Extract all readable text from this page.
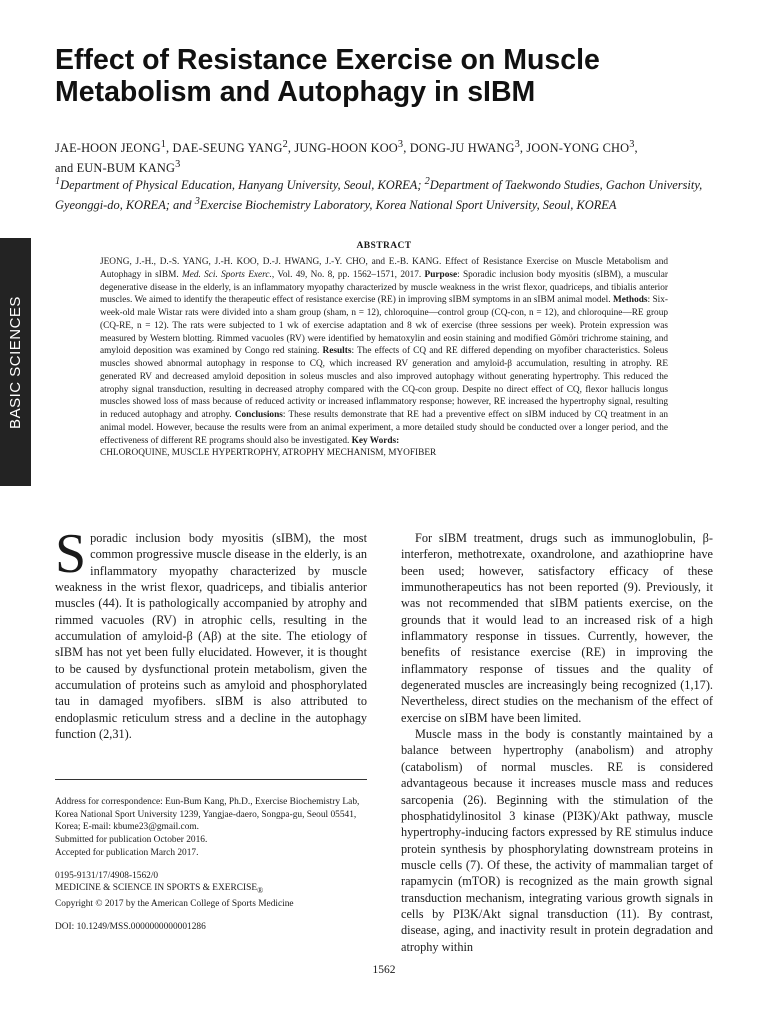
Effect of Resistance Exercise on Muscle
Metabolism and Autophagy in sIBM
JAE-HOON JEONG$^1$, DAE-SEUNG YANG$^2$, JUNG-HOON KOO$^3$, DONG-JU HWANG$^3$, JOON-YONG CHO$^3$,
and EUN-BUM KANG$^3$
$^1$Department of Physical Education, Hanyang University, Seoul, KOREA; $^2$Department of Taekwondo Studies, Gachon University, Gyeonggi-do, KOREA; and $^3$Exercise Biochemistry Laboratory, Korea National Sport University, Seoul, KOREA
BASIC SCIENCES
ABSTRACT
JEONG, J.-H., D.-S. YANG, J.-H. KOO, D.-J. HWANG, J.-Y. CHO, and E.-B. KANG. Effect of Resistance Exercise on Muscle Metabolism and Autophagy in sIBM. Med. Sci. Sports Exerc., Vol. 49, No. 8, pp. 1562–1571, 2017. Purpose: Sporadic inclusion body myositis (sIBM), a muscular degenerative disease in the elderly, is an inflammatory myopathy characterized by muscle weakness in the wrist flexor, quadriceps, and tibialis anterior muscles. We aimed to identify the therapeutic effect of resistance exercise (RE) in improving sIBM symptoms in an sIBM animal model. Methods: Six-week-old male Wistar rats were divided into a sham group (sham, n = 12), chloroquine—control group (CQ-con, n = 12), and chloroquine—RE group (CQ-RE, n = 12). The rats were subjected to 1 wk of exercise adaptation and 8 wk of exercise (three sessions per week). Protein expression was measured by Western blotting. Rimmed vacuoles (RV) were identified by hematoxylin and eosin staining and modified Gömöri trichrome staining, and amyloid deposition was examined by Congo red staining. Results: The effects of CQ and RE differed depending on myofiber characteristics. Soleus muscles showed abnormal autophagy in response to CQ, which increased RV generation and amyloid-β accumulation, resulting in atrophy. RE generated RV and decreased amyloid deposition in soleus muscles and also improved autophagy without generating hypertrophy. This reduced the atrophy signal transduction, resulting in decreased atrophy compared with the CQ-con group. Despite no direct effect of CQ, flexor hallucis longus muscles showed loss of mass because of reduced activity or increased inflammatory response; however, RE increased the hypertrophy signal, resulting in reduced autophagy and atrophy. Conclusions: These results demonstrate that RE had a preventive effect on sIBM induced by CQ treatment in an animal model. However, because the results were from an animal experiment, a more detailed study should be conducted over a longer period, and the effectiveness of different RE programs should also be investigated. Key Words:
CHLOROQUINE, MUSCLE HYPERTROPHY, ATROPHY MECHANISM, MYOFIBER

Sporadic inclusion body myositis (sIBM), the most common progressive muscle disease in the elderly, is an inflammatory myopathy characterized by muscle weakness in the wrist flexor, quadriceps, and tibialis anterior muscles (44). It is pathologically accompanied by atrophy and rimmed vacuoles (RV) in atrophic cells, resulting in the accumulation of amyloid-β (Aβ) at the site. The etiology of sIBM has not yet been fully elucidated. However, it is thought to be caused by dysfunctional protein metabolism, given the accumulation of proteins such as amyloid and phosphorylated tau in damaged myofibers. sIBM is also attributed to endoplasmic reticulum stress and a decline in the autophagy function (2,31).

Address for correspondence: Eun-Bum Kang, Ph.D., Exercise Biochemistry Lab, Korea National Sport University 1239, Yangjae-daero, Songpa-gu, Seoul 05541, Korea; E-mail: kbume23@gmail.com.

Submitted for publication October 2016.

Accepted for publication March 2017.

0195-9131/17/4908-1562/0

MEDICINE & SCIENCE IN SPORTS & $EXERCISE_®$

Copyright © 2017 by the American College of Sports Medicine

DOI: 10.1249/MSS.0000000000001286

For sIBM treatment, drugs such as immunoglobulin, β-interferon, methotrexate, oxandrolone, and azathioprine have been used; however, satisfactory efficacy of these immunotherapeutics has not been reported (9). Previously, it was not recommended that sIBM patients exercise, on the grounds that it would lead to an increased risk of a high inflammatory response in tissues. Currently, however, the benefits of resistance exercise (RE) in improving the inflammatory response of tissues and the quality of degenerated muscles are increasingly being recognized (1,17). Nevertheless, direct studies on the mechanism of the effect of exercise on sIBM have been limited.

Muscle mass in the body is constantly maintained by a balance between hypertrophy (anabolism) and atrophy (catabolism) of normal muscles. RE is considered advantageous because it increases muscle mass and reduces sarcopenia (26). Beginning with the stimulation of the phosphatidylinositol 3 kinase (PI3K)/Akt pathway, muscle hypertrophy-inducing factors expressed by RE stimulus induce protein synthesis by phosphorylating downstream proteins in muscle cells (7). Of these, the activity of mammalian target of rapamycin (mTOR) is recognized as the main growth signal transduction mechanism, integrating various growth signals in cells by PI3K/Akt signal transduction (11). By contrast, disease, aging, and inactivity result in protein degradation and atrophy within

1562
